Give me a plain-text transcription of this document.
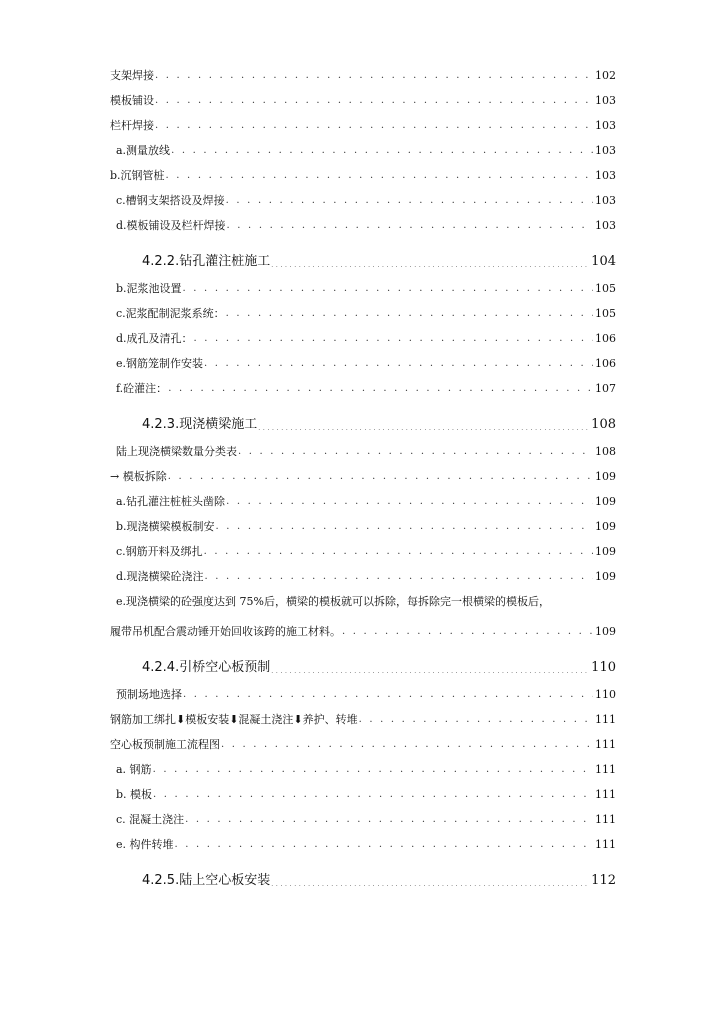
支架焊接 . . .	102
模板铺设 . . .	103
栏杆焊接 . . .	103
a.测量放线 . . .	103
b.沉钢管桩 . . .	103
c.槽钢支架搭设及焊接 . . .	103
d.模板铺设及栏杆焊接 . . .	103
4.2.2.钻孔灌注桩施工 . . .	104
b.泥浆池设置 . . .	105
c.泥浆配制泥浆系统： . . .	105
d.成孔及清孔： . . .	106
e.钢筋笼制作安装 . . .	106
f.砼灌注： . . .	107
4.2.3.现浇横梁施工 . . .	108
陆上现浇横梁数量分类表 . . .	108
→ 模板拆除 . . .	109
a.钻孔灌注桩桩头凿除 . . .	109
b.现浇横梁模板制安 . . .	109
c.钢筋开料及绑扎 . . .	109
d.现浇横梁砼浇注 . . .	109
e.现浇横梁的砼强度达到 75%后，横梁的模板就可以拆除，每拆除完一根横梁的模板后，
履带吊机配合震动锤开始回收该跨的施工材料。 . . .	109
4.2.4.引桥空心板预制 . . .	110
预制场地选择 . . .	110
钢筋加工绑扎⬇模板安装⬇混凝土浇注⬇养护、转堆 . . .	111
空心板预制施工流程图 . . .	111
a. 钢筋 . . .	111
b. 模板 . . .	111
c. 混凝土浇注 . . .	111
e. 构件转堆 . . .	111
4.2.5.陆上空心板安装 . . .	112
